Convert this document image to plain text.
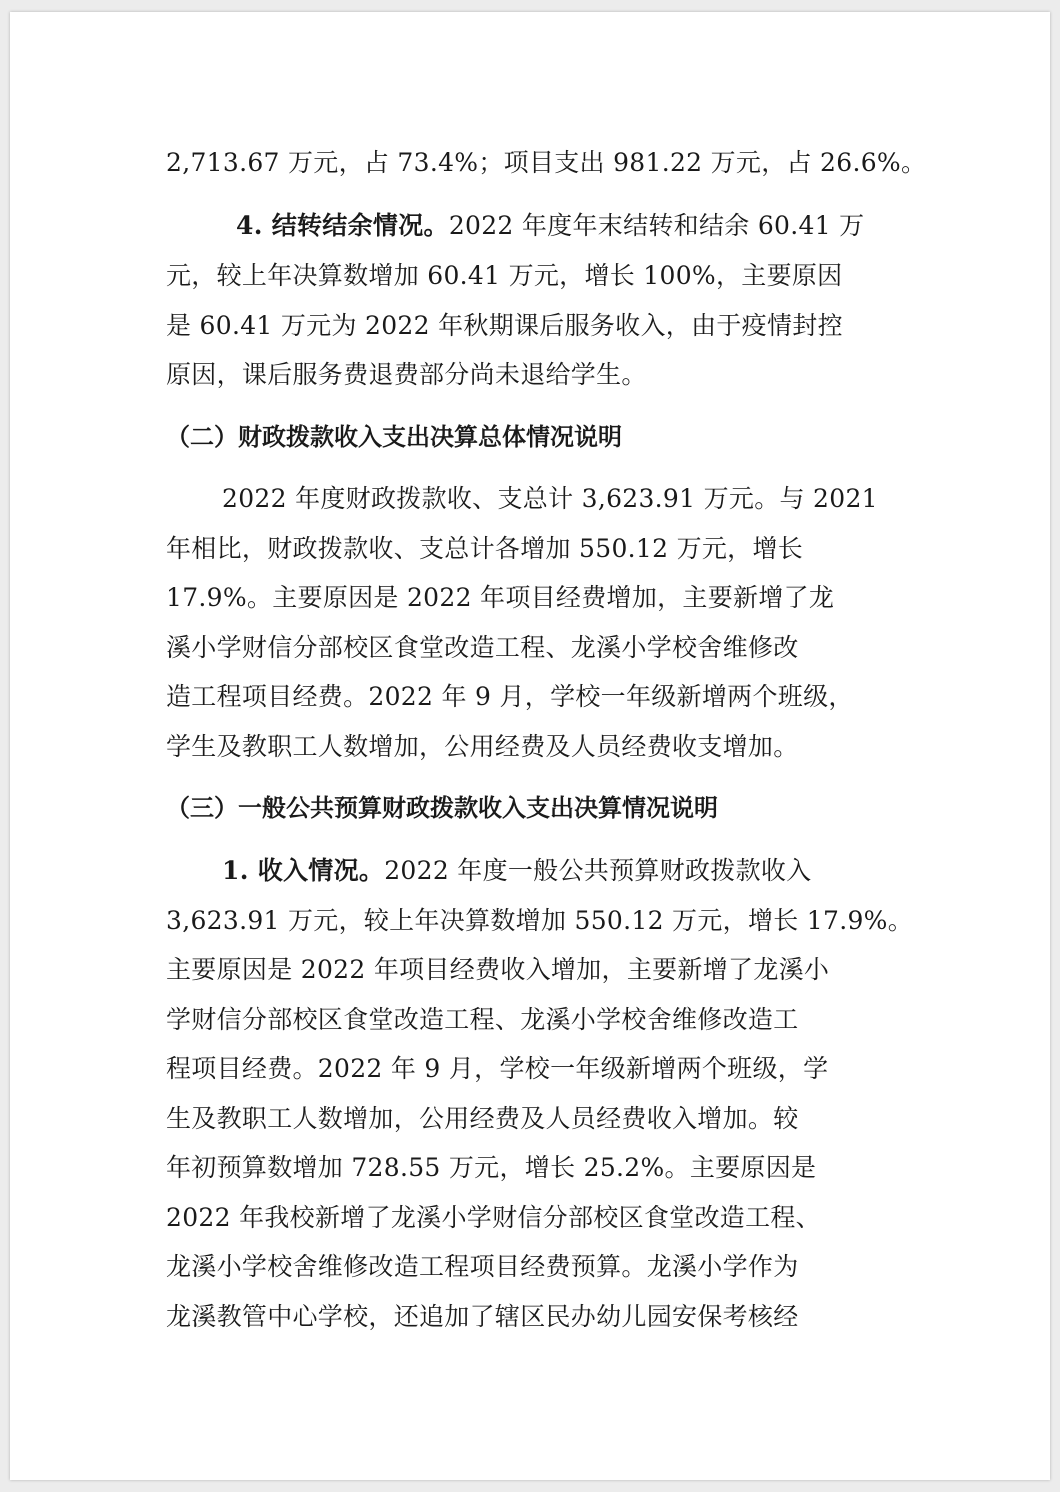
2,713.67 万元，占 73.4%；项目支出 981.22 万元，占 26.6%。

4. 结转结余情况。2022 年度年末结转和结余 60.41 万

元，较上年决算数增加 60.41 万元，增长 100%，主要原因

是 60.41 万元为 2022 年秋期课后服务收入，由于疫情封控

原因，课后服务费退费部分尚未退给学生。

（二）财政拨款收入支出决算总体情况说明

2022 年度财政拨款收、支总计 3,623.91 万元。与 2021

年相比，财政拨款收、支总计各增加 550.12 万元，增长

17.9%。主要原因是 2022 年项目经费增加，主要新增了龙

溪小学财信分部校区食堂改造工程、龙溪小学校舍维修改

造工程项目经费。2022 年 9 月，学校一年级新增两个班级，

学生及教职工人数增加，公用经费及人员经费收支增加。

（三）一般公共预算财政拨款收入支出决算情况说明

1. 收入情况。2022 年度一般公共预算财政拨款收入

3,623.91 万元，较上年决算数增加 550.12 万元，增长 17.9%。

主要原因是 2022 年项目经费收入增加，主要新增了龙溪小

学财信分部校区食堂改造工程、龙溪小学校舍维修改造工

程项目经费。2022 年 9 月，学校一年级新增两个班级，学

生及教职工人数增加，公用经费及人员经费收入增加。较

年初预算数增加 728.55 万元，增长 25.2%。主要原因是

2022 年我校新增了龙溪小学财信分部校区食堂改造工程、

龙溪小学校舍维修改造工程项目经费预算。龙溪小学作为

龙溪教管中心学校，还追加了辖区民办幼儿园安保考核经
